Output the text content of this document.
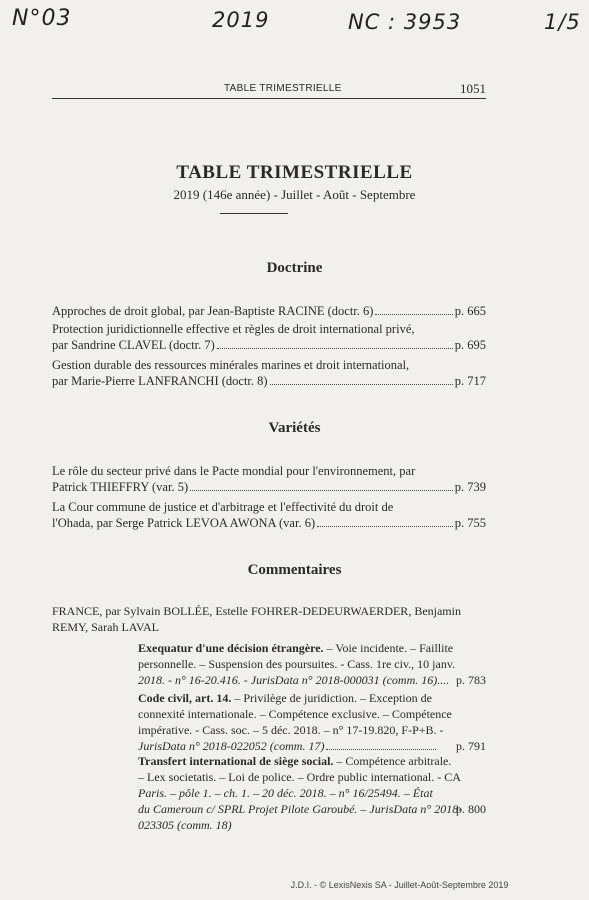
N°03	2019	NC : 3953	1/5
TABLE TRIMESTRIELLE	1051
TABLE TRIMESTRIELLE
2019 (146e année) - Juillet - Août - Septembre
Doctrine
Approches de droit global, par Jean-Baptiste RACINE (doctr. 6)	p. 665
Protection juridictionnelle effective et règles de droit international privé,
par Sandrine CLAVEL (doctr. 7)	p. 695
Gestion durable des ressources minérales marines et droit international,
par Marie-Pierre LANFRANCHI (doctr. 8)	p. 717
Variétés
Le rôle du secteur privé dans le Pacte mondial pour l'environnement, par
Patrick THIEFFRY (var. 5)	p. 739
La Cour commune de justice et d'arbitrage et l'effectivité du droit de
l'Ohada, par Serge Patrick LEVOA AWONA (var. 6)	p. 755
Commentaires
FRANCE, par Sylvain BOLLÉE, Estelle FOHRER-DEDEURWAERDER, Benjamin
REMY, Sarah LAVAL
Exequatur d'une décision étrangère. – Voie incidente. – Faillite
personnelle. – Suspension des poursuites. - Cass. 1re civ., 10 janv.
2018. - n° 16-20.416. - JurisData n° 2018-000031 (comm. 16).... p. 783
Code civil, art. 14. – Privilège de juridiction. – Exception de
connexité internationale. – Compétence exclusive. – Compétence
impérative. - Cass. soc. – 5 déc. 2018. – n° 17-19.820, F-P+B. -
JurisData n° 2018-022052 (comm. 17)	p. 791
Transfert international de siège social. – Compétence arbitrale.
– Lex societatis. – Loi de police. – Ordre public international. - CA
Paris. – pôle 1. – ch. 1. – 20 déc. 2018. – n° 16/25494. – État
du Cameroun c/ SPRL Projet Pilote Garoubé. – JurisData n° 2018-
023305 (comm. 18)
p. 800
J.D.I. - © LexisNexis SA - Juillet-Août-Septembre 2019
